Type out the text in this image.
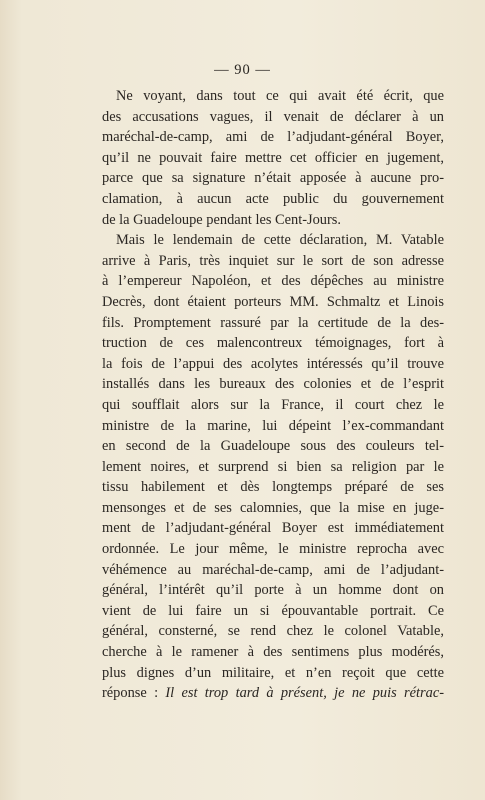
— 90 —
Ne voyant, dans tout ce qui avait été écrit, que
des accusations vagues, il venait de déclarer à un
maréchal-de-camp, ami de l’adjudant-général Boyer,
qu’il ne pouvait faire mettre cet officier en jugement,
parce que sa signature n’était apposée à aucune pro-
clamation, à aucun acte public du gouvernement
de la Guadeloupe pendant les Cent-Jours.
Mais le lendemain de cette déclaration, M. Vatable
arrive à Paris, très inquiet sur le sort de son adresse
à l’empereur Napoléon, et des dépêches au ministre
Decrès, dont étaient porteurs MM. Schmaltz et Linois
fils. Promptement rassuré par la certitude de la des-
truction de ces malencontreux témoignages, fort à
la fois de l’appui des acolytes intéressés qu’il trouve
installés dans les bureaux des colonies et de l’esprit
qui soufflait alors sur la France, il court chez le
ministre de la marine, lui dépeint l’ex-commandant
en second de la Guadeloupe sous des couleurs tel-
lement noires, et surprend si bien sa religion par le
tissu habilement et dès longtemps préparé de ses
mensonges et de ses calomnies, que la mise en juge-
ment de l’adjudant-général Boyer est immédiatement
ordonnée. Le jour même, le ministre reprocha avec
véhémence au maréchal-de-camp, ami de l’adjudant-
général, l’intérêt qu’il porte à un homme dont on
vient de lui faire un si épouvantable portrait. Ce
général, consterné, se rend chez le colonel Vatable,
cherche à le ramener à des sentimens plus modérés,
plus dignes d’un militaire, et n’en reçoit que cette
réponse : Il est trop tard à présent, je ne puis rétrac-
